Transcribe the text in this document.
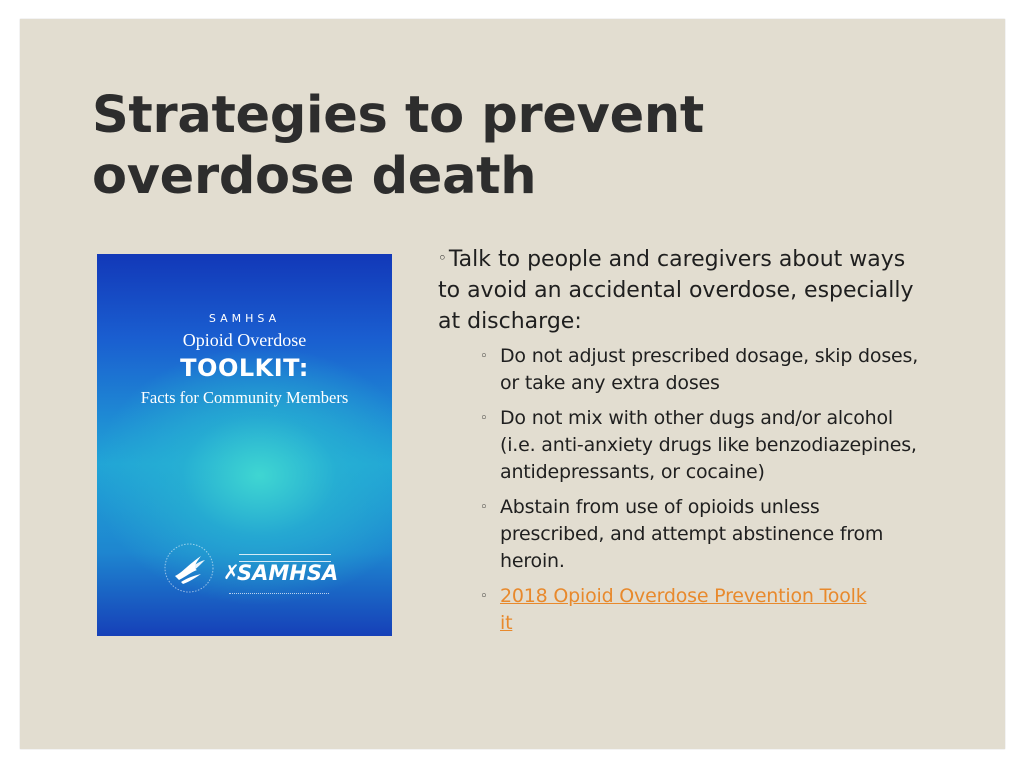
Strategies to prevent
overdose death
SAMHSA
Opioid Overdose
TOOLKIT:
Facts for Community Members
✗
SAMHSA

◦Talk to people and caregivers about ways to avoid an accidental overdose, especially at discharge:

◦ Do not adjust prescribed dosage, skip doses, or take any extra doses
◦ Do not mix with other dugs and/or alcohol (i.e. anti-anxiety drugs like benzodiazepines, antidepressants, or cocaine)
◦ Abstain from use of opioids unless prescribed, and attempt abstinence from heroin.
◦ 2018 Opioid Overdose Prevention Toolk
it
